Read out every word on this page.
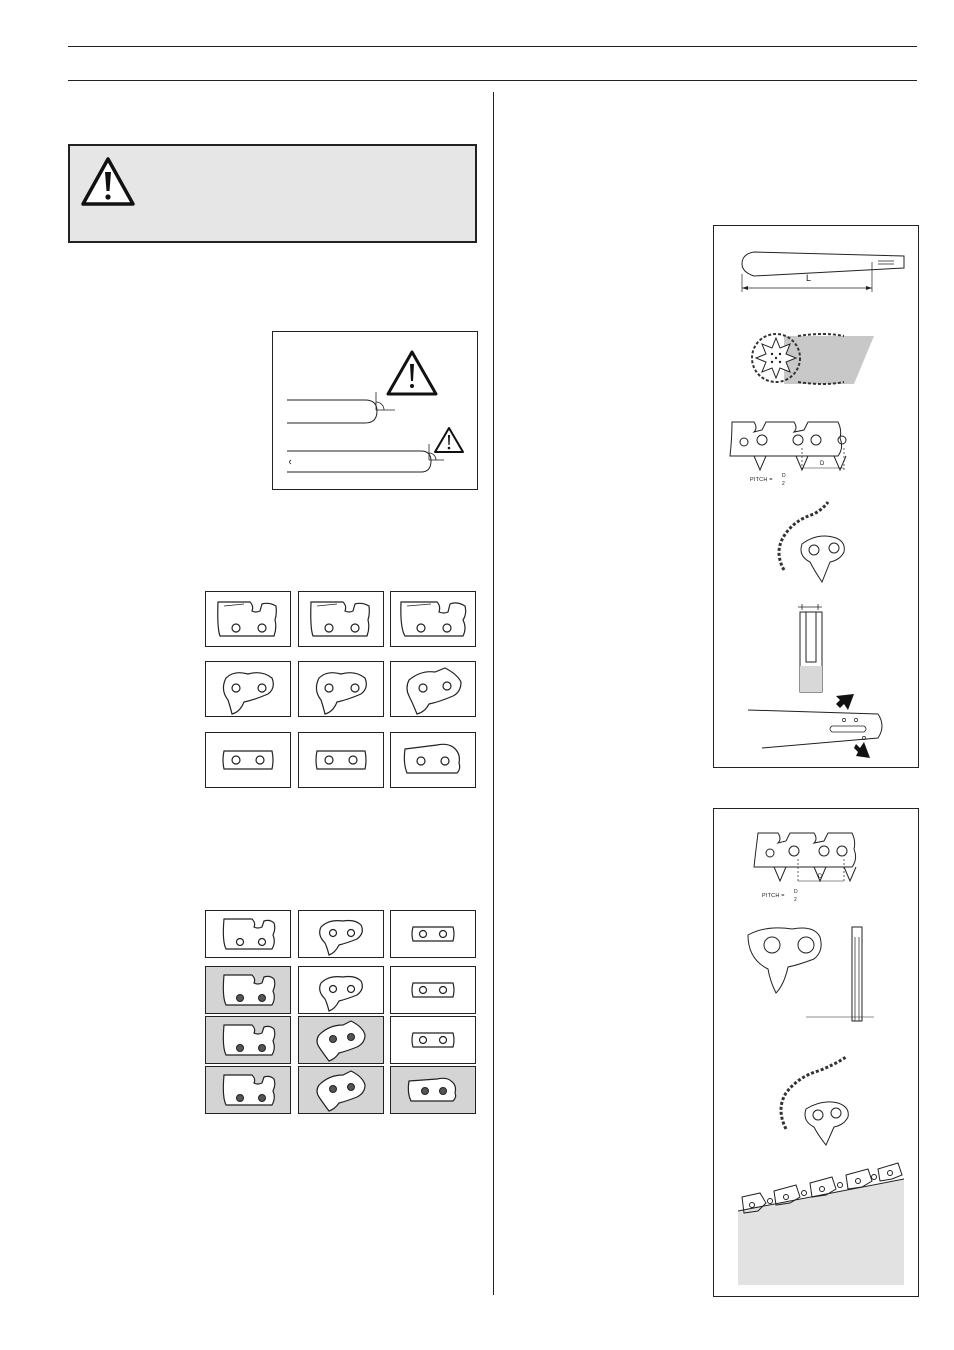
L
D
PITCH =
D
2
D
PITCH =
D
2
